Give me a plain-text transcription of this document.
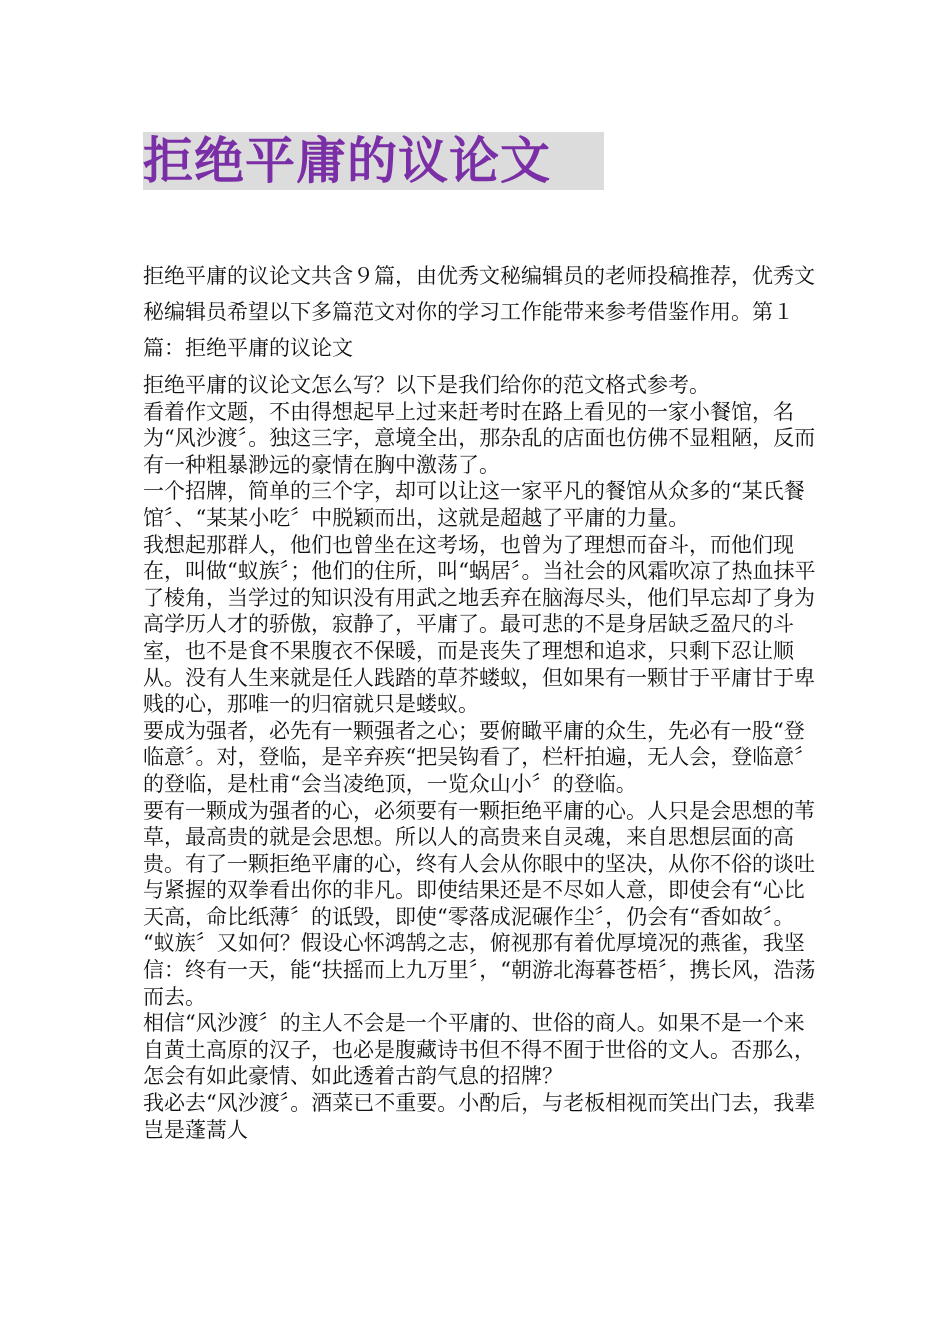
拒绝平庸的议论文

拒绝平庸的议论文共含９篇，由优秀文秘编辑员的老师投稿推荐，优秀文秘编辑员希望以下多篇范文对你的学习工作能带来参考借鉴作用。第１篇：拒绝平庸的议论文

拒绝平庸的议论文怎么写？以下是我们给你的范文格式参考。

看着作文题，不由得想起早上过来赶考时在路上看见的一家小餐馆，名为“风沙渡〞。独这三字，意境全出，那杂乱的店面也仿佛不显粗陋，反而有一种粗暴渺远的豪情在胸中激荡了。

一个招牌，简单的三个字，却可以让这一家平凡的餐馆从众多的“某氏餐馆〞、“某某小吃〞中脱颖而出，这就是超越了平庸的力量。

我想起那群人，他们也曾坐在这考场，也曾为了理想而奋斗，而他们现在，叫做“蚁族〞；他们的住所，叫“蜗居〞。当社会的风霜吹凉了热血抹平了棱角，当学过的知识没有用武之地丢弃在脑海尽头，他们早忘却了身为高学历人才的骄傲，寂静了，平庸了。最可悲的不是身居缺乏盈尺的斗室，也不是食不果腹衣不保暖，而是丧失了理想和追求，只剩下忍让顺从。没有人生来就是任人践踏的草芥蝼蚁，但如果有一颗甘于平庸甘于卑贱的心，那唯一的归宿就只是蝼蚁。

要成为强者，必先有一颗强者之心；要俯瞰平庸的众生，先必有一股“登临意〞。对，登临，是辛弃疾“把吴钩看了，栏杆拍遍，无人会，登临意〞的登临，是杜甫“会当凌绝顶，一览众山小〞的登临。

要有一颗成为强者的心，必须要有一颗拒绝平庸的心。人只是会思想的苇草，最高贵的就是会思想。所以人的高贵来自灵魂，来自思想层面的高贵。有了一颗拒绝平庸的心，终有人会从你眼中的坚决，从你不俗的谈吐与紧握的双拳看出你的非凡。即使结果还是不尽如人意，即使会有“心比天高，命比纸薄〞的诋毁，即使“零落成泥碾作尘〞，仍会有“香如故〞。

“蚁族〞又如何？假设心怀鸿鹄之志，俯视那有着优厚境况的燕雀，我坚信：终有一天，能“扶摇而上九万里〞，“朝游北海暮苍梧〞，携长风，浩荡而去。

相信“风沙渡〞的主人不会是一个平庸的、世俗的商人。如果不是一个来自黄土高原的汉子，也必是腹藏诗书但不得不囿于世俗的文人。否那么，怎会有如此豪情、如此透着古韵气息的招牌？

我必去“风沙渡〞。酒菜已不重要。小酌后，与老板相视而笑出门去，我辈岂是蓬蒿人
